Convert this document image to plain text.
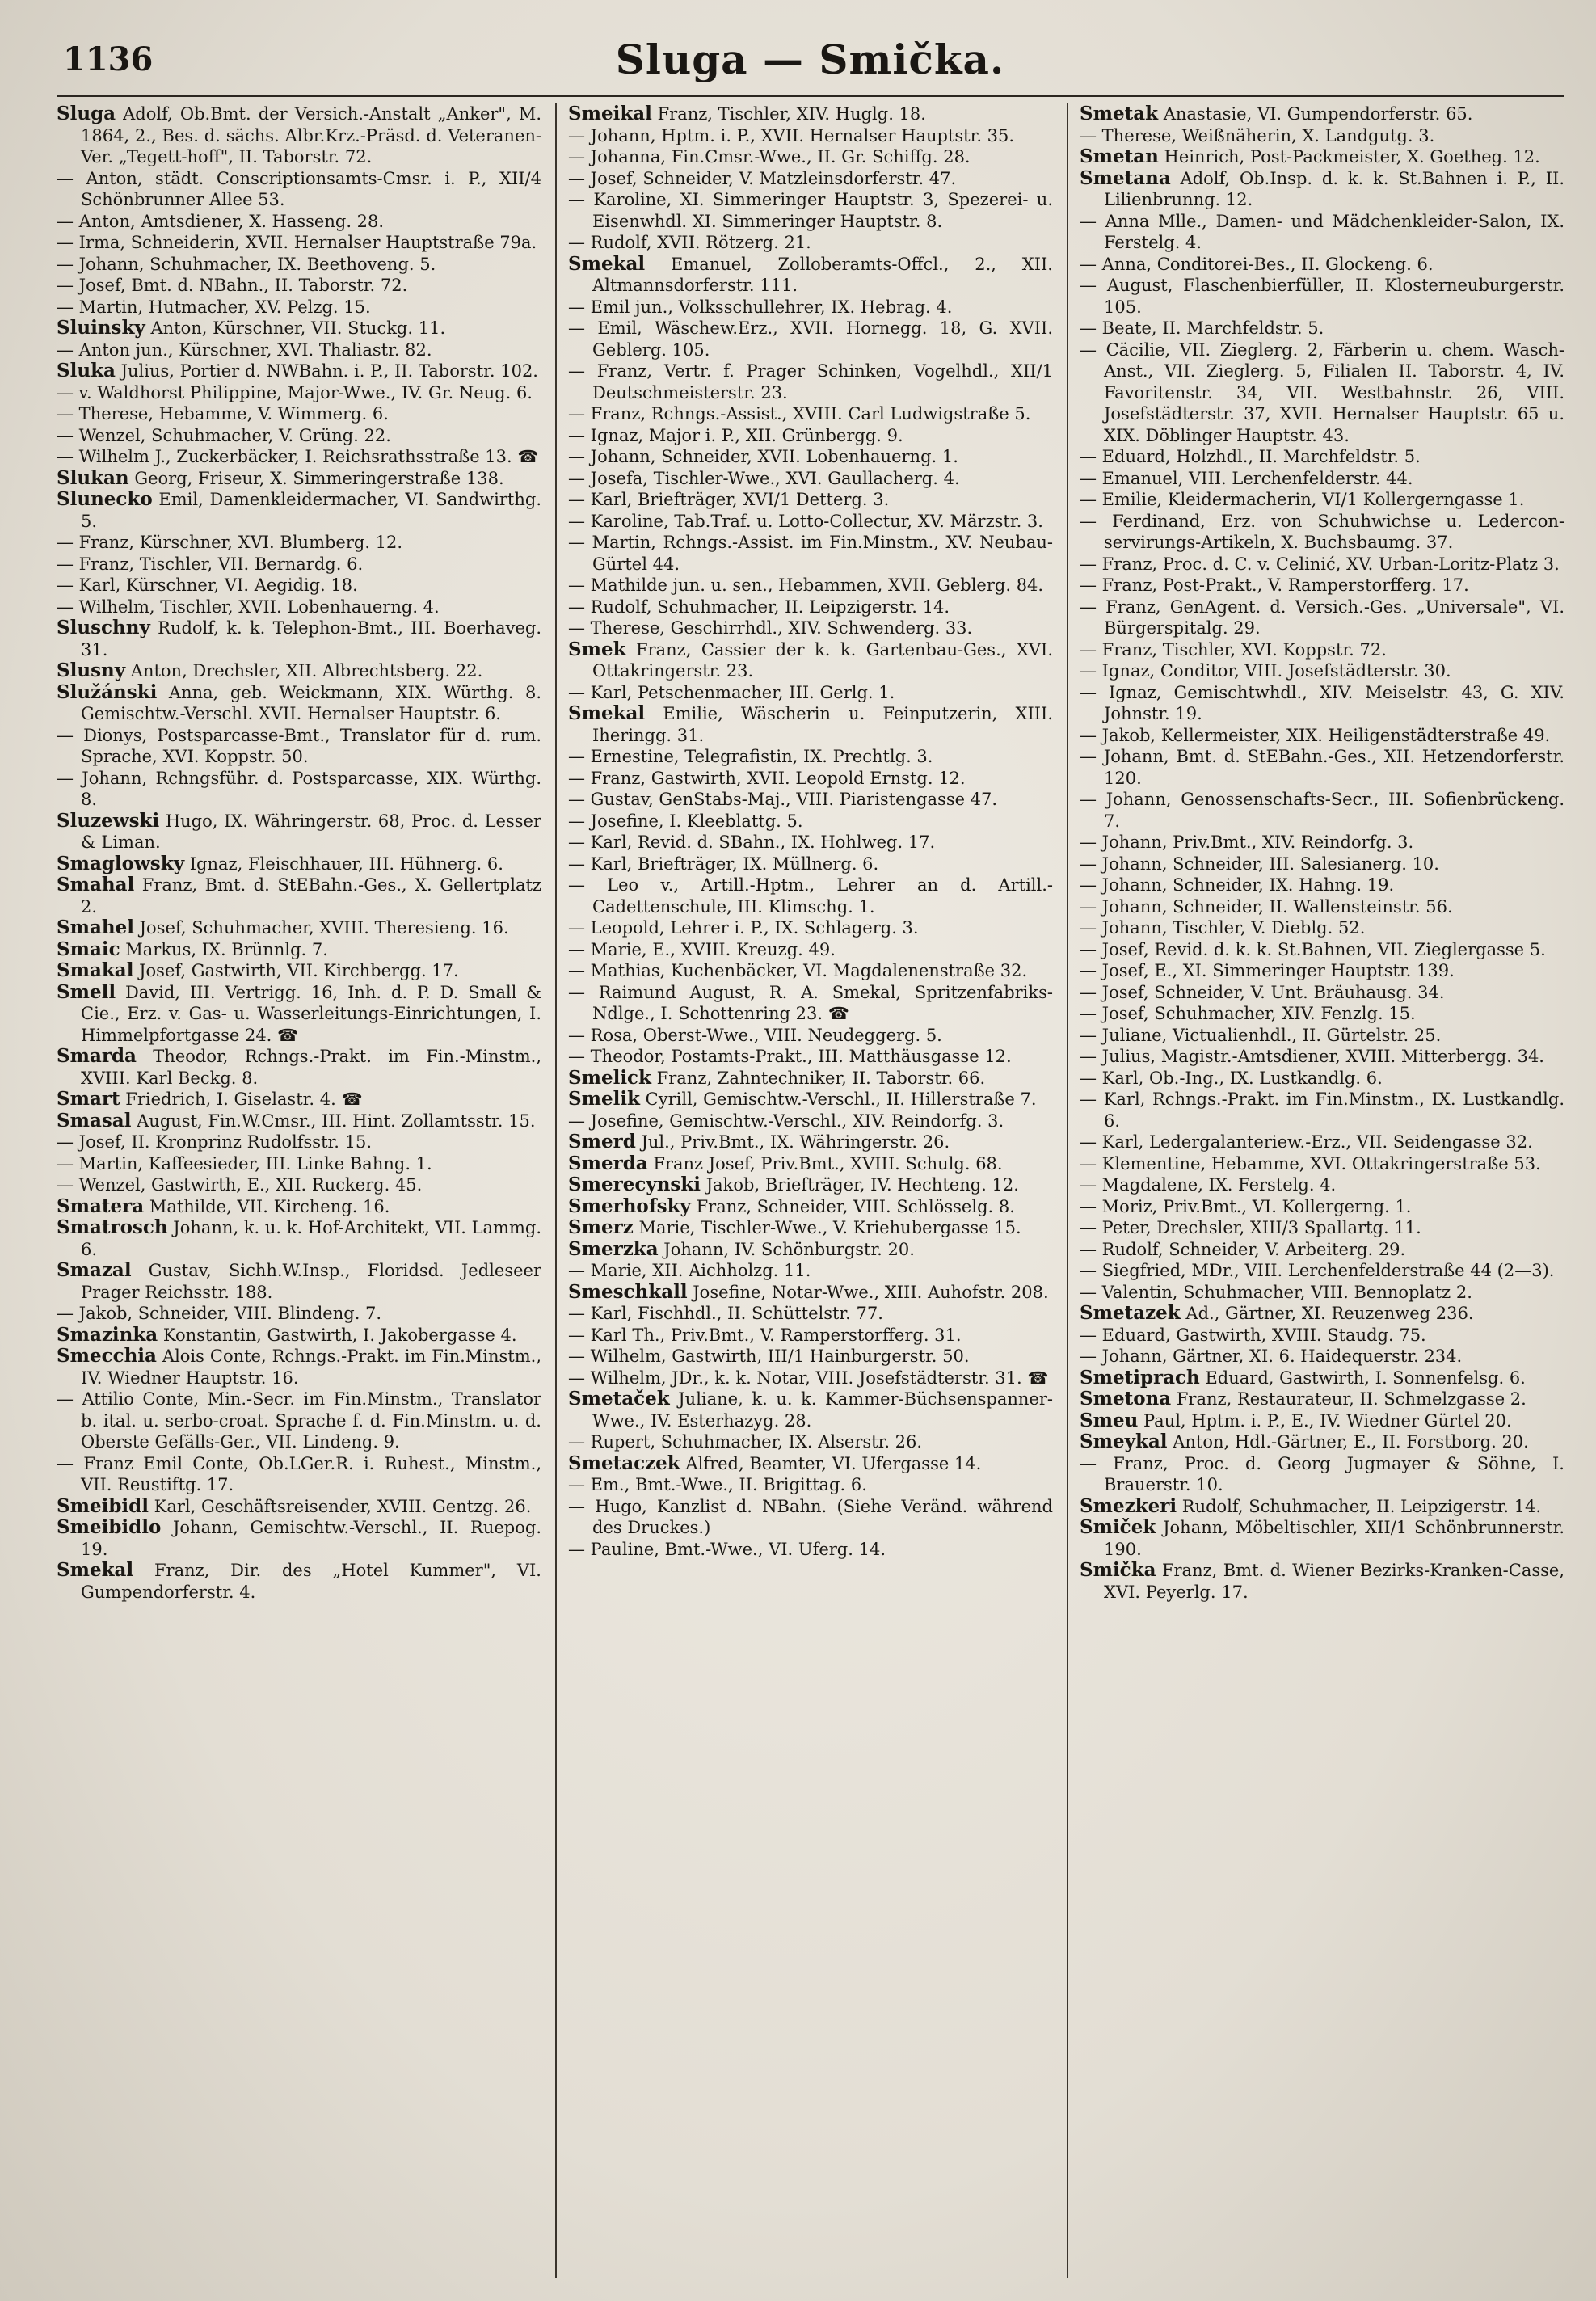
1136	Sluga — Smička.

Sluga Adolf, Ob.Bmt. der Versich.-Anstalt „Anker", M. 1864, 2., Bes. d. sächs. Albr.Krz.-Präsd. d. Veteranen-Ver. „Tegett-hoff", II. Taborstr. 72.

— Anton, städt. Conscriptionsamts-Cmsr. i. P., XII/4 Schönbrunner Allee 53.

— Anton, Amtsdiener, X. Hasseng. 28.

— Irma, Schneiderin, XVII. Hernalser Hauptstraße 79a.

— Johann, Schuhmacher, IX. Beethoveng. 5.

— Josef, Bmt. d. NBahn., II. Taborstr. 72.

— Martin, Hutmacher, XV. Pelzg. 15.

Sluinsky Anton, Kürschner, VII. Stuckg. 11.

— Anton jun., Kürschner, XVI. Thaliastr. 82.

Sluka Julius, Portier d. NWBahn. i. P., II. Taborstr. 102.

— v. Waldhorst Philippine, Major-Wwe., IV. Gr. Neug. 6.

— Therese, Hebamme, V. Wimmerg. 6.

— Wenzel, Schuhmacher, V. Grüng. 22.

— Wilhelm J., Zuckerbäcker, I. Reichsrathsstraße 13. ☎

Slukan Georg, Friseur, X. Simmeringerstraße 138.

Slunecko Emil, Damenkleidermacher, VI. Sandwirthg. 5.

— Franz, Kürschner, XVI. Blumberg. 12.

— Franz, Tischler, VII. Bernardg. 6.

— Karl, Kürschner, VI. Aegidig. 18.

— Wilhelm, Tischler, XVII. Lobenhauerng. 4.

Sluschny Rudolf, k. k. Telephon-Bmt., III. Boerhaveg. 31.

Slusny Anton, Drechsler, XII. Albrechtsberg. 22.

Služánski Anna, geb. Weickmann, XIX. Würthg. 8. Gemischtw.-Verschl. XVII. Hernalser Hauptstr. 6.

— Dionys, Postsparcasse-Bmt., Translator für d. rum. Sprache, XVI. Koppstr. 50.

— Johann, Rchngsführ. d. Postsparcasse, XIX. Würthg. 8.

Sluzewski Hugo, IX. Währingerstr. 68, Proc. d. Lesser & Liman.

Smaglowsky Ignaz, Fleischhauer, III. Hühnerg. 6.

Smahal Franz, Bmt. d. StEBahn.-Ges., X. Gellertplatz 2.

Smahel Josef, Schuhmacher, XVIII. Theresieng. 16.

Smaic Markus, IX. Brünnlg. 7.

Smakal Josef, Gastwirth, VII. Kirchbergg. 17.

Smell David, III. Vertrigg. 16, Inh. d. P. D. Small & Cie., Erz. v. Gas- u. Wasserleitungs-Einrichtungen, I. Himmelpfortgasse 24. ☎

Smarda Theodor, Rchngs.-Prakt. im Fin.-Minstm., XVIII. Karl Beckg. 8.

Smart Friedrich, I. Giselastr. 4. ☎

Smasal August, Fin.W.Cmsr., III. Hint. Zollamtsstr. 15.

— Josef, II. Kronprinz Rudolfsstr. 15.

— Martin, Kaffeesieder, III. Linke Bahng. 1.

— Wenzel, Gastwirth, E., XII. Ruckerg. 45.

Smatera Mathilde, VII. Kircheng. 16.

Smatrosch Johann, k. u. k. Hof-Architekt, VII. Lammg. 6.

Smazal Gustav, Sichh.W.Insp., Floridsd. Jedleseer Prager Reichsstr. 188.

— Jakob, Schneider, VIII. Blindeng. 7.

Smazinka Konstantin, Gastwirth, I. Jakobergasse 4.

Smecchia Alois Conte, Rchngs.-Prakt. im Fin.Minstm., IV. Wiedner Hauptstr. 16.

— Attilio Conte, Min.-Secr. im Fin.Minstm., Translator b. ital. u. serbo-croat. Sprache f. d. Fin.Minstm. u. d. Oberste Gefälls-Ger., VII. Lindeng. 9.

— Franz Emil Conte, Ob.LGer.R. i. Ruhest., Minstm., VII. Reustiftg. 17.

Smeibidl Karl, Geschäftsreisender, XVIII. Gentzg. 26.

Smeibidlo Johann, Gemischtw.-Verschl., II. Ruepog. 19.

Smekal Franz, Dir. des „Hotel Kummer", VI. Gumpendorferstr. 4.

Smeikal Franz, Tischler, XIV. Huglg. 18.

— Johann, Hptm. i. P., XVII. Hernalser Hauptstr. 35.

— Johanna, Fin.Cmsr.-Wwe., II. Gr. Schiffg. 28.

— Josef, Schneider, V. Matzleinsdorferstr. 47.

— Karoline, XI. Simmeringer Hauptstr. 3, Spezerei- u. Eisenwhdl. XI. Simmeringer Hauptstr. 8.

— Rudolf, XVII. Rötzerg. 21.

Smekal Emanuel, Zolloberamts-Offcl., 2., XII. Altmannsdorferstr. 111.

— Emil jun., Volksschullehrer, IX. Hebrag. 4.

— Emil, Wäschew.Erz., XVII. Hornegg. 18, G. XVII. Geblerg. 105.

— Franz, Vertr. f. Prager Schinken, Vogelhdl., XII/1 Deutschmeisterstr. 23.

— Franz, Rchngs.-Assist., XVIII. Carl Ludwigstraße 5.

— Ignaz, Major i. P., XII. Grünbergg. 9.

— Johann, Schneider, XVII. Lobenhauerng. 1.

— Josefa, Tischler-Wwe., XVI. Gaullacherg. 4.

— Karl, Briefträger, XVI/1 Detterg. 3.

— Karoline, Tab.Traf. u. Lotto-Collectur, XV. Märzstr. 3.

— Martin, Rchngs.-Assist. im Fin.Minstm., XV. Neubau-Gürtel 44.

— Mathilde jun. u. sen., Hebammen, XVII. Geblerg. 84.

— Rudolf, Schuhmacher, II. Leipzigerstr. 14.

— Therese, Geschirrhdl., XIV. Schwenderg. 33.

Smek Franz, Cassier der k. k. Gartenbau-Ges., XVI. Ottakringerstr. 23.

— Karl, Petschenmacher, III. Gerlg. 1.

Smekal Emilie, Wäscherin u. Feinputzerin, XIII. Iheringg. 31.

— Ernestine, Telegrafistin, IX. Prechtlg. 3.

— Franz, Gastwirth, XVII. Leopold Ernstg. 12.

— Gustav, GenStabs-Maj., VIII. Piaristengasse 47.

— Josefine, I. Kleeblattg. 5.

— Karl, Revid. d. SBahn., IX. Hohlweg. 17.

— Karl, Briefträger, IX. Müllnerg. 6.

— Leo v., Artill.-Hptm., Lehrer an d. Artill.-Cadettenschule, III. Klimschg. 1.

— Leopold, Lehrer i. P., IX. Schlagerg. 3.

— Marie, E., XVIII. Kreuzg. 49.

— Mathias, Kuchenbäcker, VI. Magdalenenstraße 32.

— Raimund August, R. A. Smekal, Spritzenfabriks-Ndlge., I. Schottenring 23. ☎

— Rosa, Oberst-Wwe., VIII. Neudeggerg. 5.

— Theodor, Postamts-Prakt., III. Matthäusgasse 12.

Smelick Franz, Zahntechniker, II. Taborstr. 66.

Smelik Cyrill, Gemischtw.-Verschl., II. Hillerstraße 7.

— Josefine, Gemischtw.-Verschl., XIV. Reindorfg. 3.

Smerd Jul., Priv.Bmt., IX. Währingerstr. 26.

Smerda Franz Josef, Priv.Bmt., XVIII. Schulg. 68.

Smerecynski Jakob, Briefträger, IV. Hechteng. 12.

Smerhofsky Franz, Schneider, VIII. Schlösselg. 8.

Smerz Marie, Tischler-Wwe., V. Kriehubergasse 15.

Smerzka Johann, IV. Schönburgstr. 20.

— Marie, XII. Aichholzg. 11.

Smeschkall Josefine, Notar-Wwe., XIII. Auhofstr. 208.

— Karl, Fischhdl., II. Schüttelstr. 77.

— Karl Th., Priv.Bmt., V. Ramperstorfferg. 31.

— Wilhelm, Gastwirth, III/1 Hainburgerstr. 50.

— Wilhelm, JDr., k. k. Notar, VIII. Josefstädterstr. 31. ☎

Smetaček Juliane, k. u. k. Kammer-Büchsenspanner-Wwe., IV. Esterhazyg. 28.

— Rupert, Schuhmacher, IX. Alserstr. 26.

Smetaczek Alfred, Beamter, VI. Ufergasse 14.

— Em., Bmt.-Wwe., II. Brigittag. 6.

— Hugo, Kanzlist d. NBahn. (Siehe Veränd. während des Druckes.)

— Pauline, Bmt.-Wwe., VI. Uferg. 14.

Smetak Anastasie, VI. Gumpendorferstr. 65.

— Therese, Weißnäherin, X. Landgutg. 3.

Smetan Heinrich, Post-Packmeister, X. Goetheg. 12.

Smetana Adolf, Ob.Insp. d. k. k. St.Bahnen i. P., II. Lilienbrunng. 12.

— Anna Mlle., Damen- und Mädchenkleider-Salon, IX. Ferstelg. 4.

— Anna, Conditorei-Bes., II. Glockeng. 6.

— August, Flaschenbierfüller, II. Klosterneuburgerstr. 105.

— Beate, II. Marchfeldstr. 5.

— Cäcilie, VII. Zieglerg. 2, Färberin u. chem. Wasch-Anst., VII. Zieglerg. 5, Filialen II. Taborstr. 4, IV. Favoritenstr. 34, VII. Westbahnstr. 26, VIII. Josefstädterstr. 37, XVII. Hernalser Hauptstr. 65 u. XIX. Döblinger Hauptstr. 43.

— Eduard, Holzhdl., II. Marchfeldstr. 5.

— Emanuel, VIII. Lerchenfelderstr. 44.

— Emilie, Kleidermacherin, VI/1 Kollergerngasse 1.

— Ferdinand, Erz. von Schuhwichse u. Lederconservirungs-Artikeln, X. Buchsbaumg. 37.

— Franz, Proc. d. C. v. Celinić, XV. Urban-Loritz-Platz 3.

— Franz, Post-Prakt., V. Ramperstorfferg. 17.

— Franz, GenAgent. d. Versich.-Ges. „Universale", VI. Bürgerspitalg. 29.

— Franz, Tischler, XVI. Koppstr. 72.

— Ignaz, Conditor, VIII. Josefstädterstr. 30.

— Ignaz, Gemischtwhdl., XIV. Meiselstr. 43, G. XIV. Johnstr. 19.

— Jakob, Kellermeister, XIX. Heiligenstädterstraße 49.

— Johann, Bmt. d. StEBahn.-Ges., XII. Hetzendorferstr. 120.

— Johann, Genossenschafts-Secr., III. Sofienbrückeng. 7.

— Johann, Priv.Bmt., XIV. Reindorfg. 3.

— Johann, Schneider, III. Salesianerg. 10.

— Johann, Schneider, IX. Hahng. 19.

— Johann, Schneider, II. Wallensteinstr. 56.

— Johann, Tischler, V. Dieblg. 52.

— Josef, Revid. d. k. k. St.Bahnen, VII. Zieglergasse 5.

— Josef, E., XI. Simmeringer Hauptstr. 139.

— Josef, Schneider, V. Unt. Bräuhausg. 34.

— Josef, Schuhmacher, XIV. Fenzlg. 15.

— Juliane, Victualienhdl., II. Gürtelstr. 25.

— Julius, Magistr.-Amtsdiener, XVIII. Mitterbergg. 34.

— Karl, Ob.-Ing., IX. Lustkandlg. 6.

— Karl, Rchngs.-Prakt. im Fin.Minstm., IX. Lustkandlg. 6.

— Karl, Ledergalanteriew.-Erz., VII. Seidengasse 32.

— Klementine, Hebamme, XVI. Ottakringerstraße 53.

— Magdalene, IX. Ferstelg. 4.

— Moriz, Priv.Bmt., VI. Kollergerng. 1.

— Peter, Drechsler, XIII/3 Spallartg. 11.

— Rudolf, Schneider, V. Arbeiterg. 29.

— Siegfried, MDr., VIII. Lerchenfelderstraße 44 (2—3).

— Valentin, Schuhmacher, VIII. Bennoplatz 2.

Smetazek Ad., Gärtner, XI. Reuzenweg 236.

— Eduard, Gastwirth, XVIII. Staudg. 75.

— Johann, Gärtner, XI. 6. Haidequerstr. 234.

Smetiprach Eduard, Gastwirth, I. Sonnenfelsg. 6.

Smetona Franz, Restaurateur, II. Schmelzgasse 2.

Smeu Paul, Hptm. i. P., E., IV. Wiedner Gürtel 20.

Smeykal Anton, Hdl.-Gärtner, E., II. Forstborg. 20.

— Franz, Proc. d. Georg Jugmayer & Söhne, I. Brauerstr. 10.

Smezkeri Rudolf, Schuhmacher, II. Leipzigerstr. 14.

Smiček Johann, Möbeltischler, XII/1 Schönbrunnerstr. 190.

Smička Franz, Bmt. d. Wiener Bezirks-Kranken-Casse, XVI. Peyerlg. 17.
